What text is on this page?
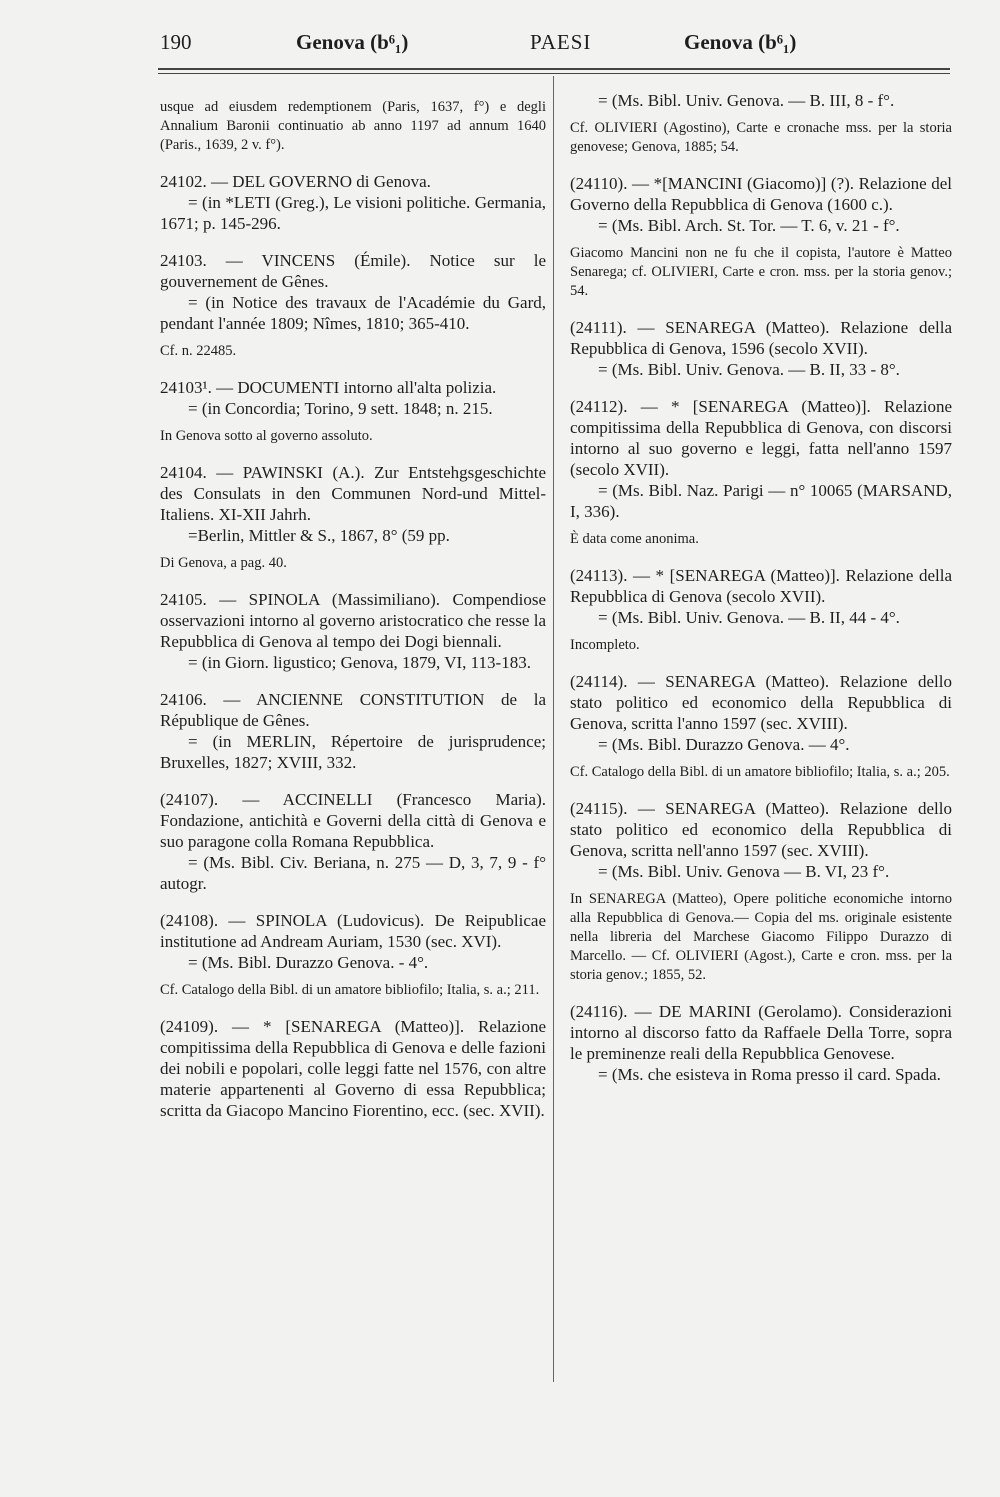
190	Genova (b⁶₁)	PAESI	Genova (b⁶₁)

usque ad eiusdem redemptionem (Paris, 1637, f°) e degli Annalium Baronii continuatio ab anno 1197 ad annum 1640 (Paris., 1639, 2 v. f°).

24102. — DEL GOVERNO di Genova.

= (in *LETI (Greg.), Le visioni politiche. Germania, 1671; p. 145-296.

24103. — VINCENS (Émile). Notice sur le gouvernement de Gênes.

= (in Notice des travaux de l'Académie du Gard, pendant l'année 1809; Nîmes, 1810; 365-410.

Cf. n. 22485.

24103¹. — DOCUMENTI intorno all'alta polizia.

= (in Concordia; Torino, 9 sett. 1848; n. 215.

In Genova sotto al governo assoluto.

24104. — PAWINSKI (A.). Zur Entstehgsgeschichte des Consulats in den Communen Nord-und Mittel-Italiens. XI-XII Jahrh.

=Berlin, Mittler & S., 1867, 8° (59 pp.

Di Genova, a pag. 40.

24105. — SPINOLA (Massimiliano). Compendiose osservazioni intorno al governo aristocratico che resse la Repubblica di Genova al tempo dei Dogi biennali.

= (in Giorn. ligustico; Genova, 1879, VI, 113-183.

24106. — ANCIENNE CONSTITUTION de la République de Gênes.

= (in MERLIN, Répertoire de jurisprudence; Bruxelles, 1827; XVIII, 332.

(24107). — ACCINELLI (Francesco Maria). Fondazione, antichità e Governi della città di Genova e suo paragone colla Romana Repubblica.

= (Ms. Bibl. Civ. Beriana, n. 275 — D, 3, 7, 9 - f° autogr.

(24108). — SPINOLA (Ludovicus). De Reipublicae institutione ad Andream Auriam, 1530 (sec. XVI).

= (Ms. Bibl. Durazzo Genova. - 4°.

Cf. Catalogo della Bibl. di un amatore bibliofilo; Italia, s. a.; 211.

(24109). — * [SENAREGA (Matteo)]. Relazione compitissima della Repubblica di Genova e delle fazioni dei nobili e popolari, colle leggi fatte nel 1576, con altre materie appartenenti al Governo di essa Repubblica; scritta da Giacopo Mancino Fiorentino, ecc. (sec. XVII).

= (Ms. Bibl. Univ. Genova. — B. III, 8 - f°.

Cf. OLIVIERI (Agostino), Carte e cronache mss. per la storia genovese; Genova, 1885; 54.

(24110). — *[MANCINI (Giacomo)] (?). Relazione del Governo della Repubblica di Genova (1600 c.).

= (Ms. Bibl. Arch. St. Tor. — T. 6, v. 21 - f°.

Giacomo Mancini non ne fu che il copista, l'autore è Matteo Senarega; cf. OLIVIERI, Carte e cron. mss. per la storia genov.; 54.

(24111). — SENAREGA (Matteo). Relazione della Repubblica di Genova, 1596 (secolo XVII).

= (Ms. Bibl. Univ. Genova. — B. II, 33 - 8°.

(24112). — * [SENAREGA (Matteo)]. Relazione compitissima della Repubblica di Genova, con discorsi intorno al suo governo e leggi, fatta nell'anno 1597 (secolo XVII).

= (Ms. Bibl. Naz. Parigi — n° 10065 (MARSAND, I, 336).

È data come anonima.

(24113). — * [SENAREGA (Matteo)]. Relazione della Repubblica di Genova (secolo XVII).

= (Ms. Bibl. Univ. Genova. — B. II, 44 - 4°.

Incompleto.

(24114). — SENAREGA (Matteo). Relazione dello stato politico ed economico della Repubblica di Genova, scritta l'anno 1597 (sec. XVIII).

= (Ms. Bibl. Durazzo Genova. — 4°.

Cf. Catalogo della Bibl. di un amatore bibliofilo; Italia, s. a.; 205.

(24115). — SENAREGA (Matteo). Relazione dello stato politico ed economico della Repubblica di Genova, scritta nell'anno 1597 (sec. XVIII).

= (Ms. Bibl. Univ. Genova — B. VI, 23 f°.

In SENAREGA (Matteo), Opere politiche economiche intorno alla Repubblica di Genova.— Copia del ms. originale esistente nella libreria del Marchese Giacomo Filippo Durazzo di Marcello. — Cf. OLIVIERI (Agost.), Carte e cron. mss. per la storia genov.; 1855, 52.

(24116). — DE MARINI (Gerolamo). Considerazioni intorno al discorso fatto da Raffaele Della Torre, sopra le preminenze reali della Repubblica Genovese.

= (Ms. che esisteva in Roma presso il card. Spada.
